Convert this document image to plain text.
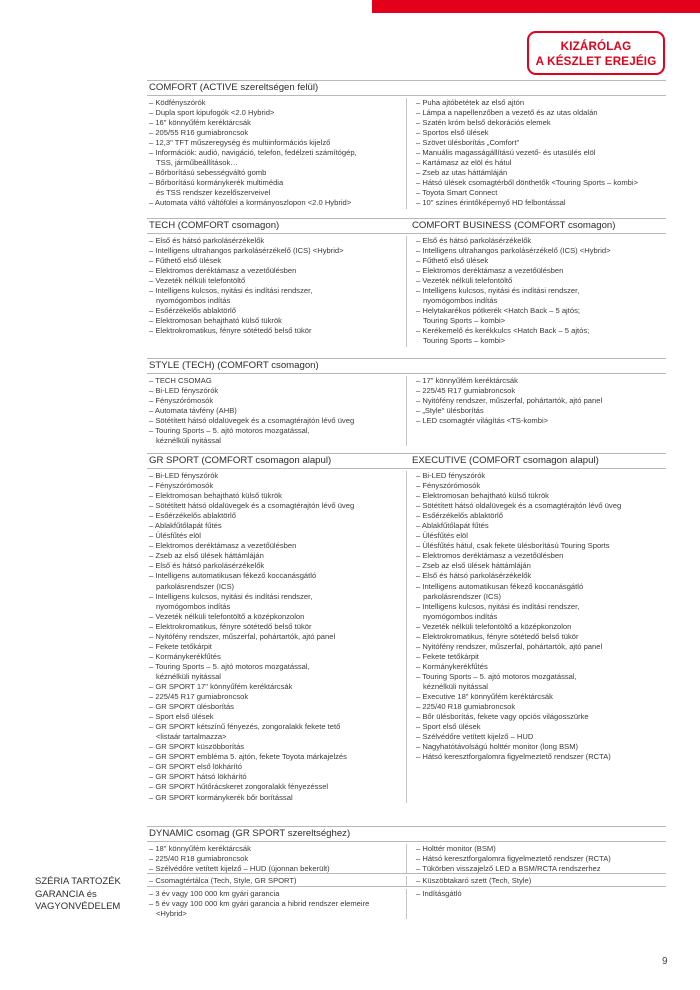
KIZÁRÓLAG
A KÉSZLET EREJÉIG
COMFORT (ACTIVE szereltségen felül)
– Ködfényszórók
– Dupla sport kipufogók <2.0 Hybrid>
– 16" könnyűfém keréktárcsák
– 205/55 R16 gumiabroncsok
– 12,3" TFT műszeregység és multiinformációs kijelző
– Információk: audió, navigáció, telefon, fedélzeti számítógép,
TSS, járműbeállítások…
– Bőrborítású sebességváltó gomb
– Bőrborítású kormánykerék multimédia
és TSS rendszer kezelőszerveivel
– Automata váltó váltófülei a kormányoszlopon <2.0 Hybrid>
– Puha ajtóbetétek az első ajtón
– Lámpa a napellenzőben a vezető és az utas oldalán
– Szatén króm belső dekorációs elemek
– Sportos első ülések
– Szövet ülésborítás „Comfort"
– Manuális magasságállítású vezető- és utasülés elöl
– Kartámasz az elöl és hátul
– Zseb az utas háttámláján
– Hátsó ülések csomagtérből dönthetők <Touring Sports – kombi>
– Toyota Smart Connect
– 10" színes érintőképernyő HD felbontással
TECH (COMFORT csomagon)	COMFORT BUSINESS (COMFORT csomagon)
– Első és hátsó parkolásérzékelők
– Intelligens ultrahangos parkolásérzékelő (ICS) <Hybrid>
– Fűthető első ülések
– Elektromos deréktámasz a vezetőülésben
– Vezeték nélküli telefontöltő
– Intelligens kulcsos, nyitási és indítási rendszer,
nyomógombos indítás
– Esőérzékelős ablaktörlő
– Elektromosan behajtható külső tükrök
– Elektrokromatikus, fényre sötétedő belső tükör
– Első és hátsó parkolásérzékelők
– Intelligens ultrahangos parkolásérzékelő (ICS) <Hybrid>
– Fűthető első ülések
– Elektromos deréktámasz a vezetőülésben
– Vezeték nélküli telefontöltő
– Intelligens kulcsos, nyitási és indítási rendszer,
nyomógombos indítás
– Helytakarékos pótkerék <Hatch Back – 5 ajtós;
Touring Sports – kombi>
– Kerékemelő és kerékkulcs <Hatch Back – 5 ajtós;
Touring Sports – kombi>
STYLE (TECH) (COMFORT csomagon)
– TECH CSOMAG
– Bi-LED fényszórók
– Fényszórómosók
– Automata távfény (AHB)
– Sötétített hátsó oldalüvegek és a csomagtérajtón lévő üveg
– Touring Sports – 5. ajtó motoros mozgatással,
kéznélküli nyitással
– 17" könnyűfém keréktárcsák
– 225/45 R17 gumiabroncsok
– Nyitófény rendszer, műszerfal, pohártartók, ajtó panel
– „Style" ülésborítás
– LED csomagtér világítás <TS-kombi>
GR SPORT (COMFORT csomagon alapul)	EXECUTIVE (COMFORT csomagon alapul)
– Bi-LED fényszórók
– Fényszórómosók
– Elektromosan behajtható külső tükrök
– Sötétített hátsó oldalüvegek és a csomagtérajtón lévő üveg
– Esőérzékelős ablaktörlő
– Ablakfűtőlapát fűtés
– Ülésfűtés elöl
– Elektromos deréktámasz a vezetőülésben
– Zseb az első ülések háttámláján
– Első és hátsó parkolásérzékelők
– Intelligens automatikusan fékező koccanásgátló
parkolásrendszer (ICS)
– Intelligens kulcsos, nyitási és indítási rendszer,
nyomógombos indítás
– Vezeték nélküli telefontöltő a középkonzolon
– Elektrokromatikus, fényre sötétedő belső tükör
– Nyitófény rendszer, műszerfal, pohártartók, ajtó panel
– Fekete tetőkárpit
– Kormánykerékfűtés
– Touring Sports – 5. ajtó motoros mozgatással,
kéznélküli nyitással
– GR SPORT 17" könnyűfém keréktárcsák
– 225/45 R17 gumiabroncsok
– GR SPORT ülésborítás
– Sport első ülések
– GR SPORT kétszínű fényezés, zongoralakk fekete tető
<listaár tartalmazza>
– GR SPORT küszöbborítás
– GR SPORT embléma 5. ajtón, fekete Toyota márkajelzés
– GR SPORT első lökhárító
– GR SPORT hátsó lökhárító
– GR SPORT hűtőrácskeret zongoralakk fényezéssel
– GR SPORT kormánykerék bőr borítással
– Bi-LED fényszórók
– Fényszórómosók
– Elektromosan behajtható külső tükrök
– Sötétített hátsó oldalüvegek és a csomagtérajtón lévő üveg
– Esőérzékelős ablaktörlő
– Ablakfűtőlapát fűtés
– Ülésfűtés elöl
– Ülésfűtés hátul, csak fekete ülésborítású Touring Sports
– Elektromos deréktámasz a vezetőülésben
– Zseb az első ülések háttámláján
– Első és hátsó parkolásérzékelők
– Intelligens automatikusan fékező koccanásgátló
parkolásrendszer (ICS)
– Intelligens kulcsos, nyitási és indítási rendszer,
nyomógombos indítás
– Vezeték nélküli telefontöltő a középkonzolon
– Elektrokromatikus, fényre sötétedő belső tükör
– Nyitófény rendszer, műszerfal, pohártartók, ajtó panel
– Fekete tetőkárpit
– Kormánykerékfűtés
– Touring Sports – 5. ajtó motoros mozgatással,
kéznélküli nyitással
– Executive 18" könnyűfém keréktárcsák
– 225/40 R18 gumiabroncsok
– Bőr ülésborítás, fekete vagy opciós világosszürke
– Sport első ülések
– Szélvédőre vetített kijelző – HUD
– Nagyhatótávolságú holttér monitor (long BSM)
– Hátsó keresztforgalomra figyelmeztető rendszer (RCTA)
DYNAMIC csomag (GR SPORT szereltséghez)
– 18" könnyűfém keréktárcsák
– 225/40 R18 gumiabroncsok
– Szélvédőre vetített kijelző – HUD (újonnan bekerült)
– Holttér monitor (BSM)
– Hátsó keresztforgalomra figyelmeztető rendszer (RCTA)
– Tükörben visszajelző LED a BSM/RCTA rendszerhez
– Csomagtértálca (Tech, Style, GR SPORT)	– Küszöbtakaró szett (Tech, Style)
– 3 év vagy 100 000 km gyári garancia
– 5 év vagy 100 000 km gyári garancia a hibrid rendszer elemeire
<Hybrid>
– Indításgátló
SZÉRIA TARTOZÉK
GARANCIA és
VAGYONVÉDELEM
9
